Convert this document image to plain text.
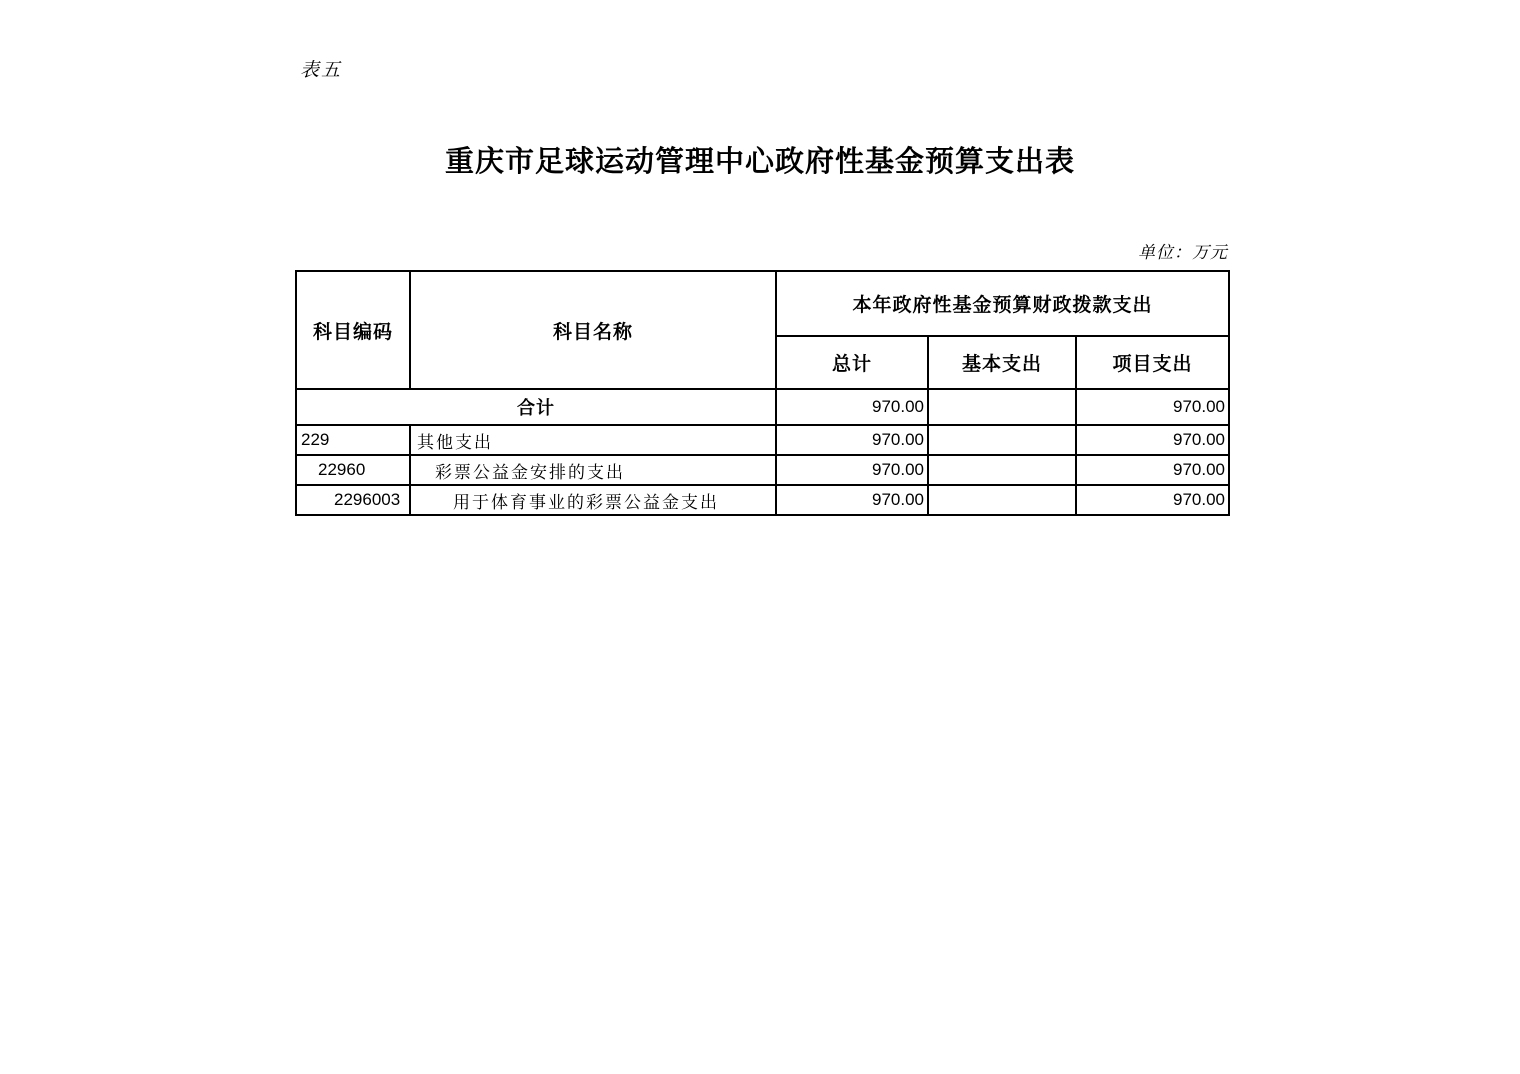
表五
重庆市足球运动管理中心政府性基金预算支出表
单位：万元
科目编码	科目名称	本年政府性基金预算财政拨款支出		
		总计	基本支出	项目支出
合计		970.00		970.00
229	其他支出	970.00		970.00
22960	彩票公益金安排的支出	970.00		970.00
2296003	用于体育事业的彩票公益金支出	970.00		970.00
